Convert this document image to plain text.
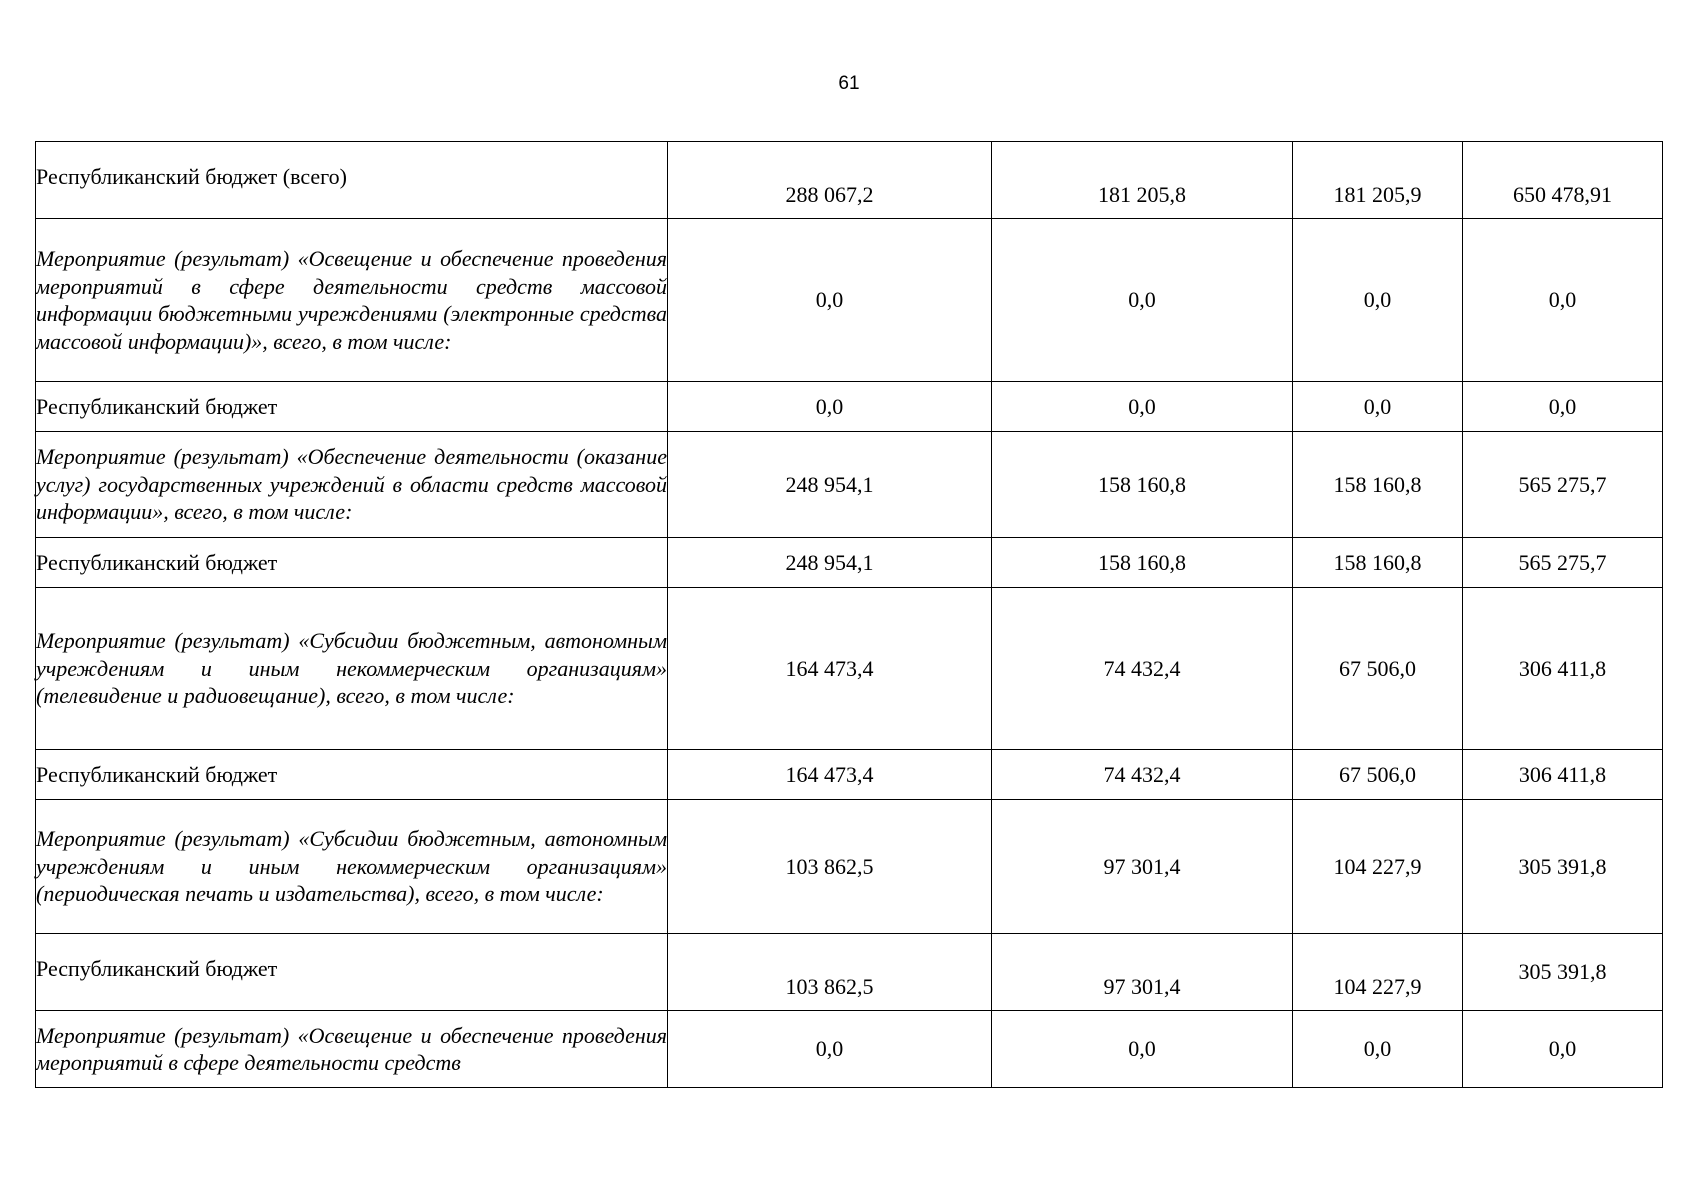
61
Республиканский бюджет (всего)	288 067,2	181 205,8	181 205,9	650 478,91
Мероприятие (результат) «Освещение и обеспечение проведения мероприятий в сфере деятельности средств массовой информации бюджетными учреждениями (электронные средства массовой информации)», всего, в том числе:	0,0	0,0	0,0	0,0
Республиканский бюджет	0,0	0,0	0,0	0,0
Мероприятие (результат) «Обеспечение деятельности (оказание услуг) государственных учреждений в области средств массовой информации», всего, в том числе:	248 954,1	158 160,8	158 160,8	565 275,7
Республиканский бюджет	248 954,1	158 160,8	158 160,8	565 275,7
Мероприятие (результат) «Субсидии бюджетным, автономным учреждениям и иным некоммерческим организациям» (телевидение и радиовещание), всего, в том числе:	164 473,4	74 432,4	67 506,0	306 411,8
Республиканский бюджет	164 473,4	74 432,4	67 506,0	306 411,8
Мероприятие (результат) «Субсидии бюджетным, автономным учреждениям и иным некоммерческим организациям» (периодическая печать и издательства), всего, в том числе:	103 862,5	97 301,4	104 227,9	305 391,8
Республиканский бюджет	103 862,5	97 301,4	104 227,9	305 391,8
Мероприятие (результат) «Освещение и обеспечение проведения мероприятий в сфере деятельности средств	0,0	0,0	0,0	0,0
